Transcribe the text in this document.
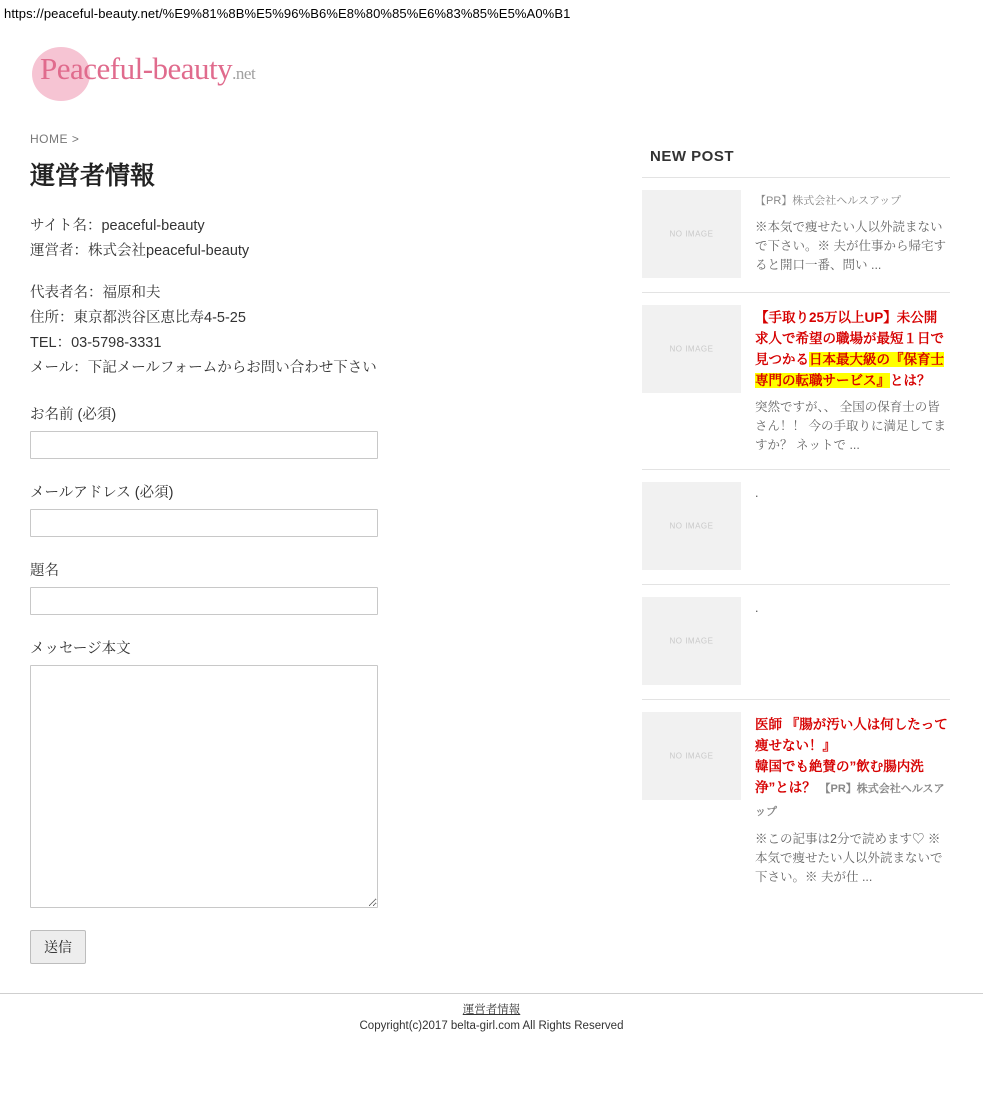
https://peaceful-beauty.net/%E9%81%8B%E5%96%B6%E8%80%85%E6%83%85%E5%A0%B1
Peaceful-beauty.net
HOME >
運営者情報
サイト名：peaceful-beauty
運営者：株式会社peaceful-beauty
代表者名：福原和夫
住所：東京都渋谷区恵比寿4-5-25
TEL：03-5798-3331
メール：下記メールフォームからお問い合わせ下さい
お名前 (必須)
メールアドレス (必須)
題名
メッセージ本文
送信
NEW POST
NO IMAGE
【PR】株式会社ヘルスアップ
※本気で痩せたい人以外読まないで下さい。※ 夫が仕事から帰宅すると開口一番、問い ...
NO IMAGE
【手取り25万以上UP】未公開求人で希望の職場が最短１日で見つかる日本最大級の『保育士専門の転職サービス』とは？
突然ですが、、 全国の保育士の皆さん！！ 今の手取りに満足してますか？ ネットで ...
NO IMAGE
.
NO IMAGE
.
NO IMAGE
医師 『腸が汚い人は何したって痩せない！』
韓国でも絶賛の”飲む腸内洗浄”とは？ 【PR】株式会社ヘルスアップ
※この記事は2分で読めます♡ ※本気で痩せたい人以外読まないで下さい。※ 夫が仕 ...
運営者情報
Copyright(c)2017 belta-girl.com All Rights Reserved
